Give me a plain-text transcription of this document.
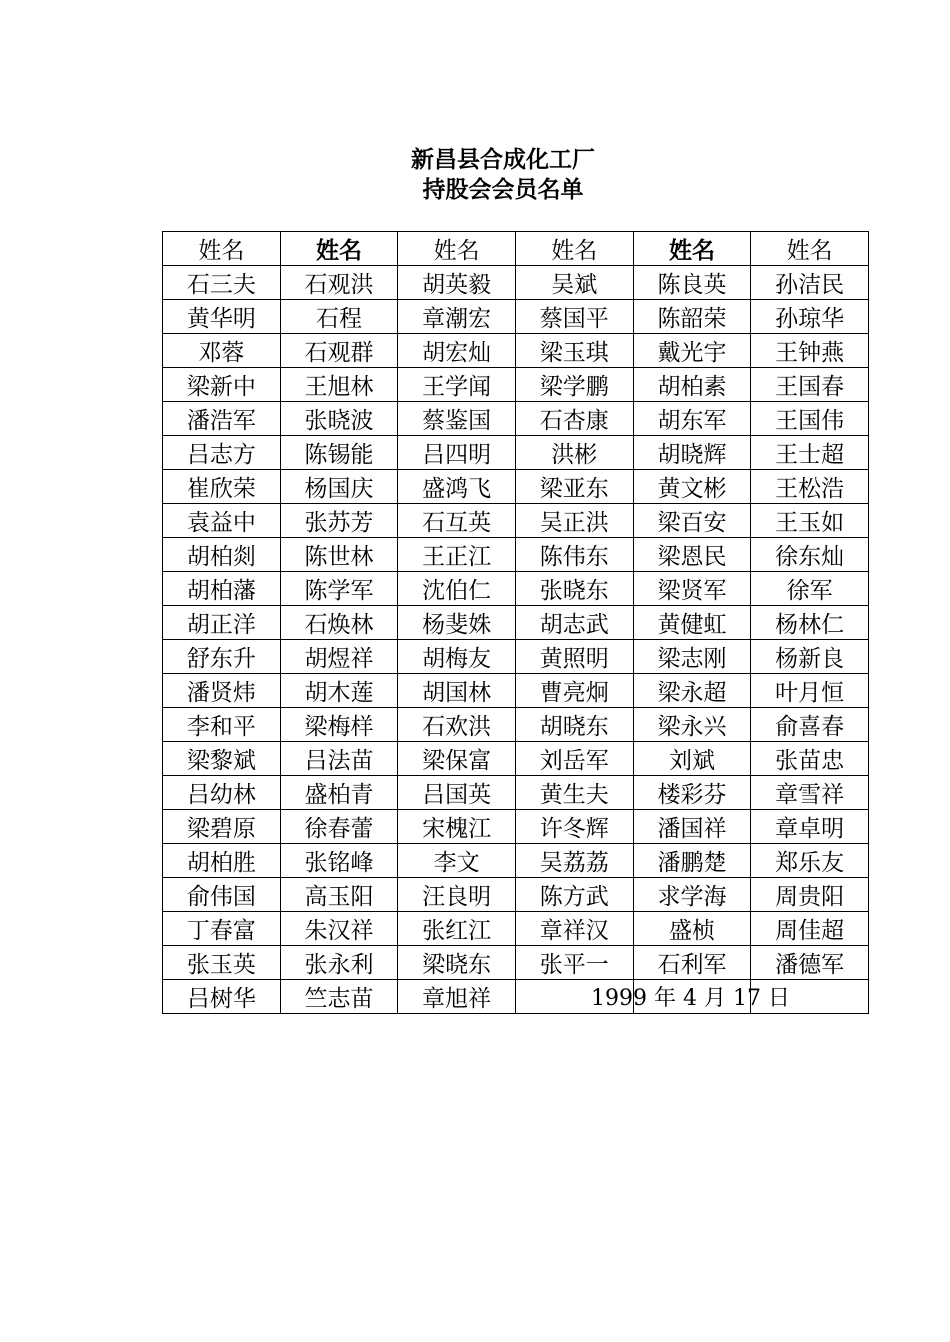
新昌县合成化工厂
持股会会员名单
姓名	姓名	姓名	姓名	姓名	姓名
石三夫	石观洪	胡英毅	吴斌	陈良英	孙洁民
黄华明	石程	章潮宏	蔡国平	陈韶荣	孙琼华
邓蓉	石观群	胡宏灿	梁玉琪	戴光宇	王钟燕
梁新中	王旭林	王学闻	梁学鹏	胡柏素	王国春
潘浩军	张晓波	蔡鉴国	石杏康	胡东军	王国伟
吕志方	陈锡能	吕四明	洪彬	胡晓辉	王士超
崔欣荣	杨国庆	盛鸿飞	梁亚东	黄文彬	王松浩
袁益中	张苏芳	石互英	吴正洪	梁百安	王玉如
胡柏剡	陈世林	王正江	陈伟东	梁恩民	徐东灿
胡柏藩	陈学军	沈伯仁	张晓东	梁贤军	徐军
胡正洋	石焕林	杨斐姝	胡志武	黄健虹	杨林仁
舒东升	胡煜祥	胡梅友	黄照明	梁志刚	杨新良
潘贤炜	胡木莲	胡国林	曹亮炯	梁永超	叶月恒
李和平	梁梅样	石欢洪	胡晓东	梁永兴	俞喜春
梁黎斌	吕法苗	梁保富	刘岳军	刘斌	张苗忠
吕幼林	盛柏青	吕国英	黄生夫	楼彩芬	章雪祥
梁碧原	徐春蕾	宋槐江	许冬辉	潘国祥	章卓明
胡柏胜	张铭峰	李文	吴荔荔	潘鹏楚	郑乐友
俞伟国	高玉阳	汪良明	陈方武	求学海	周贵阳
丁春富	朱汉祥	张红江	章祥汉	盛桢	周佳超
张玉英	张永利	梁晓东	张平一	石利军	潘德军
吕树华	竺志苗	章旭祥				1999 年 4 月 17 日
